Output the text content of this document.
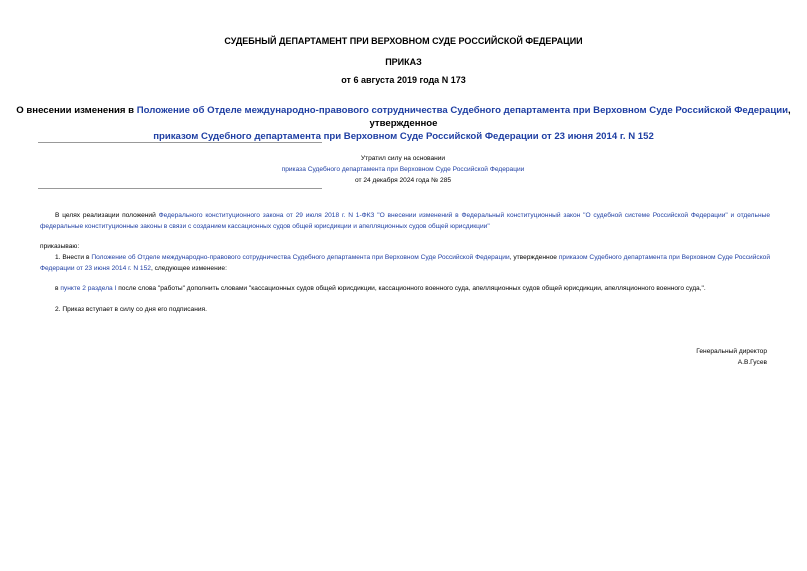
СУДЕБНЫЙ ДЕПАРТАМЕНТ ПРИ ВЕРХОВНОМ СУДЕ РОССИЙСКОЙ ФЕДЕРАЦИИ
ПРИКАЗ
от 6 августа 2019 года N 173
О внесении изменения в Положение об Отделе международно-правового сотрудничества Судебного департамента при Верховном Суде Российской Федерации, утвержденное
приказом Судебного департамента при Верховном Суде Российской Федерации от 23 июня 2014 г. N 152
Утратил силу на основании
приказа Судебного департамента при Верховном Суде Российской Федерации
от 24 декабря 2024 года № 285
В целях реализации положений Федерального конституционного закона от 29 июля 2018 г. N 1-ФКЗ "О внесении изменений в Федеральный конституционный закон "О судебной системе Российской Федерации" и отдельные федеральные конституционные законы в связи с созданием кассационных судов общей юрисдикции и апелляционных судов общей юрисдикции"
приказываю:
1. Внести в Положение об Отделе международно-правового сотрудничества Судебного департамента при Верховном Суде Российской Федерации, утвержденное приказом Судебного департамента при Верховном Суде Российской Федерации от 23 июня 2014 г. N 152, следующее изменение:
в пункте 2 раздела I после слова "работы" дополнить словами "кассационных судов общей юрисдикции, кассационного военного суда, апелляционных судов общей юрисдикции, апелляционного военного суда,".
2. Приказ вступает в силу со дня его подписания.
Генеральный директор
А.В.Гусев
